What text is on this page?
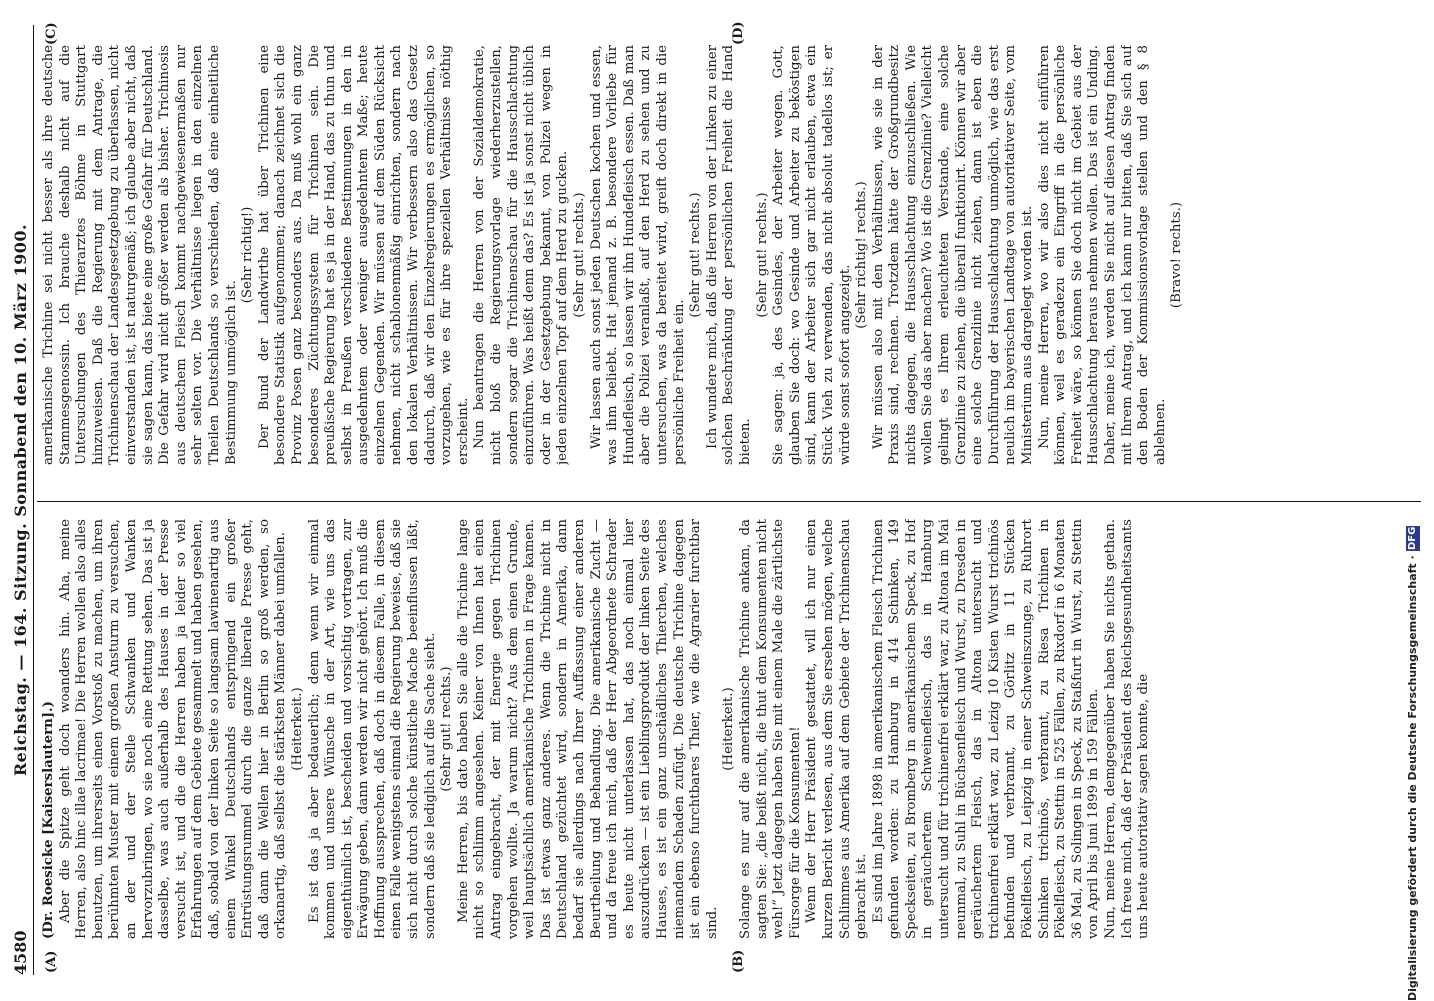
4580
Reichstag. — 164. Sitzung. Sonnabend den 10. März 1900.
(A)	(B)
(C)	(D)

(Dr. Roesicke [Kaiserslautern].) Aber die Spitze geht doch woanders hin. Aha, meine Herren, also hinc illae lacrimae! Die Herren wollen also alles benutzen, um ihrerseits einen Vorstoß zu machen, um ihren berühmten Muster mit einem großen Ansturm zu versuchen, an der und der Stelle Schwanken und Wanken hervorzubringen, wo sie noch eine Rettung sehen. Das ist ja dasselbe, was auch außerhalb des Hauses in der Presse versucht ist, und die die Herren haben ja leider so viel Erfahrungen auf dem Gebiete gesammelt und haben gesehen, daß, sobald von der linken Seite so langsam lawinenartig aus einem Winkel Deutschlands entspringend ein großer Entrüstungsrummel durch die ganze liberale Presse geht, daß dann die Wellen hier in Berlin so groß werden, so orkanartig, daß selbst die stärksten Männer dabei umfallen. (Heiterkeit.) Es ist das ja aber bedauerlich; denn wenn wir einmal kommen und unsere Wünsche in der Art, wie uns das eigenthümlich ist, bescheiden und vorsichtig vortragen, zur Erwägung geben, dann werden wir nicht gehört. Ich muß die Hoffnung aussprechen, daß doch in diesem Falle, in diesem einen Falle wenigstens einmal die Regierung beweise, daß sie sich nicht durch solche künstliche Mache beeinflussen läßt, sondern daß sie lediglich auf die Sache sieht. (Sehr gut! rechts.) Meine Herren, bis dato haben Sie alle die Trichine lange nicht so schlimm angesehen. Keiner von Ihnen hat einen Antrag eingebracht, der mit Energie gegen Trichinen vorgehen wollte. Ja warum nicht? Aus dem einen Grunde, weil hauptsächlich amerikanische Trichinen in Frage kamen. Das ist etwas ganz anderes. Wenn die Trichine nicht in Deutschland gezüchtet wird, sondern in Amerika, dann bedarf sie allerdings nach Ihrer Auffassung einer anderen Beurtheilung und Behandlung. Die amerikanische Zucht — und da freue ich mich, daß der Herr Abgeordnete Schrader es heute nicht unterlassen hat, das noch einmal hier auszudrücken — ist ein Lieblingsprodukt der linken Seite des Hauses, es ist ein ganz unschädliches Thierchen, welches niemandem Schaden zufügt. Die deutsche Trichine dagegen ist ein ebenso furchtbares Thier, wie die Agrarier furchtbar sind.

(Heiterkeit.) Solange es nur auf die amerikanische Trichine ankam, da sagten Sie: „die beißt nicht, die thut dem Konsumenten nicht weh!“ Jetzt dagegen haben Sie mit einem Male die zärtlichste Fürsorge für die Konsumenten! Wenn der Herr Präsident gestattet, will ich nur einen kurzen Bericht verlesen, aus dem Sie ersehen mögen, welche Schlimmes aus Amerika auf dem Gebiete der Trichinenschau gebracht ist. Es sind im Jahre 1898 in amerikanischem Fleisch Trichinen gefunden worden: zu Hamburg in 414 Schinken, 149 Speckseiten, zu Bromberg in amerikanischem Speck, zu Hof in geräuchertem Schweinefleisch, das in Hamburg untersucht und für trichinenfrei erklärt war, zu Altona im Mai neunmal, zu Suhl in Büchsenfleisch und Wurst, zu Dresden in geräuchertem Fleisch, das in Altona untersucht und trichinenfrei erklärt war, zu Leizig 10 Kisten Wurst trichinös befunden und verbrannt, zu Görlitz in 11 Stücken Pökelfleisch, zu Leipzig in einer Schweinszunge, zu Ruhrort Schinken trichinös, verbrannt, zu Riesa Trichinen in Pökelfleisch, zu Stettin in 525 Fällen, zu Rixdorf in 6 Monaten 36 Mal, zu Solingen in Speck, zu Staßfurt in Wurst, zu Stettin von April bis Juni 1899 in 159 Fällen. Nun, meine Herren, demgegenüber haben Sie nichts gethan. Ich freue mich, daß der Präsident des Reichsgesundheitsamts uns heute autoritativ sagen konnte, die

amerikanische Trichine sei nicht besser als ihre deutsche Stammesgenossin. Ich brauche deshalb nicht auf die Untersuchungen des Thierarztes Böhme in Stuttgart hinzuweisen. Daß die Regierung mit dem Antrage, die Trichinenschau der Landesgesetzgebung zu überlassen, nicht einverstanden ist, ist naturgemäß; ich glaube aber nicht, daß sie sagen kann, das biete eine große Gefahr für Deutschland. Die Gefahr wird nicht größer werden als bisher. Trichinosis aus deutschem Fleisch kommt nachgewiesenermaßen nur sehr selten vor. Die Verhältnisse liegen in den einzelnen Theilen Deutschlands so verschieden, daß eine einheitliche Bestimmung unmöglich ist.

(Sehr richtig!) Der Bund der Landwirthe hat über Trichinen eine besondere Statistik aufgenommen; danach zeichnet sich die Provinz Posen ganz besonders aus. Da muß wohl ein ganz besonderes Züchtungssystem für Trichinen sein. Die preußische Regierung hat es ja in der Hand, das zu thun und selbst in Preußen verschiedene Bestimmungen in den in ausgedehntem oder weniger ausgedehntem Maße; heute einzelnen Gegenden. Wir müssen auf dem Süden Rücksicht nehmen, nicht schablonenmäßig einrichten, sondern nach den lokalen Verhältnissen. Wir verbessern also das Gesetz dadurch, daß wir den Einzelregierungen es ermöglichen, so vorzugehen, wie es für ihre speziellen Verhältnisse nöthig erscheint. Nun beantragen die Herren von der Sozialdemokratie, nicht bloß die Regierungsvorlage wiederherzustellen, sondern sogar die Trichinenschau für die Hausschlachtung einzuführen. Was heißt denn das? Es ist ja sonst nicht üblich oder in der Gesetzgebung bekannt, von Polizei wegen in jeden einzelnen Topf auf dem Herd zu gucken. (Sehr gut! rechts.) Wir lassen auch sonst jeden Deutschen kochen und essen, was ihm beliebt. Hat jemand z. B. besondere Vorliebe für Hundefleisch, so lassen wir ihn Hundefleisch essen. Daß man aber die Polizei veranlaßt, auf den Herd zu sehen und zu untersuchen, was da bereitet wird, greift doch direkt in die persönliche Freiheit ein.

(Sehr gut! rechts.) Ich wundere mich, daß die Herren von der Linken zu einer solchen Beschränkung der persönlichen Freiheit die Hand bieten.

(Sehr gut! rechts.) Sie sagen: ja, des Gesindes, der Arbeiter wegen. Gott, glauben Sie doch: wo Gesinde und Arbeiter zu beköstigen sind, kann der Arbeiter sich gar nicht erlauben, etwa ein Stück Vieh zu verwenden, das nicht absolut tadellos ist; er würde sonst sofort angezeigt.

(Sehr richtig! rechts.) Wir müssen also mit den Verhältnissen, wie sie in der Praxis sind, rechnen. Trotzdem hätte der Großgrundbesitz nichts dagegen, die Hausschlachtung einzuschließen. Wie wollen Sie das aber machen? Wo ist die Grenzlinie? Vielleicht gelingt es Ihrem erleuchteten Verstande, eine solche Grenzlinie zu ziehen, die überall funktionirt. Können wir aber eine solche Grenzlinie nicht ziehen, dann ist eben die Durchführung der Hausschlachtung unmöglich, wie das erst neulich im bayerischen Landtage von autoritativer Seite, vom Ministerium aus dargelegt worden ist. Nun, meine Herren, wo wir also dies nicht einführen können, weil es geradezu ein Eingriff in die persönliche Freiheit wäre, so können Sie doch nicht im Gebiet aus der Hausschlachtung heraus nehmen wollen. Das ist ein Unding. Daher, meine ich, werden Sie nicht auf diesen Antrag finden mit Ihrem Antrag, und ich kann nur bitten, daß Sie sich auf den Boden der Kommissionsvorlage stellen und den § 8 ablehnen.

(Bravo! rechts.)

Digitalisierung gefördert durch die Deutsche Forschungsgemeinschaft · DFG
